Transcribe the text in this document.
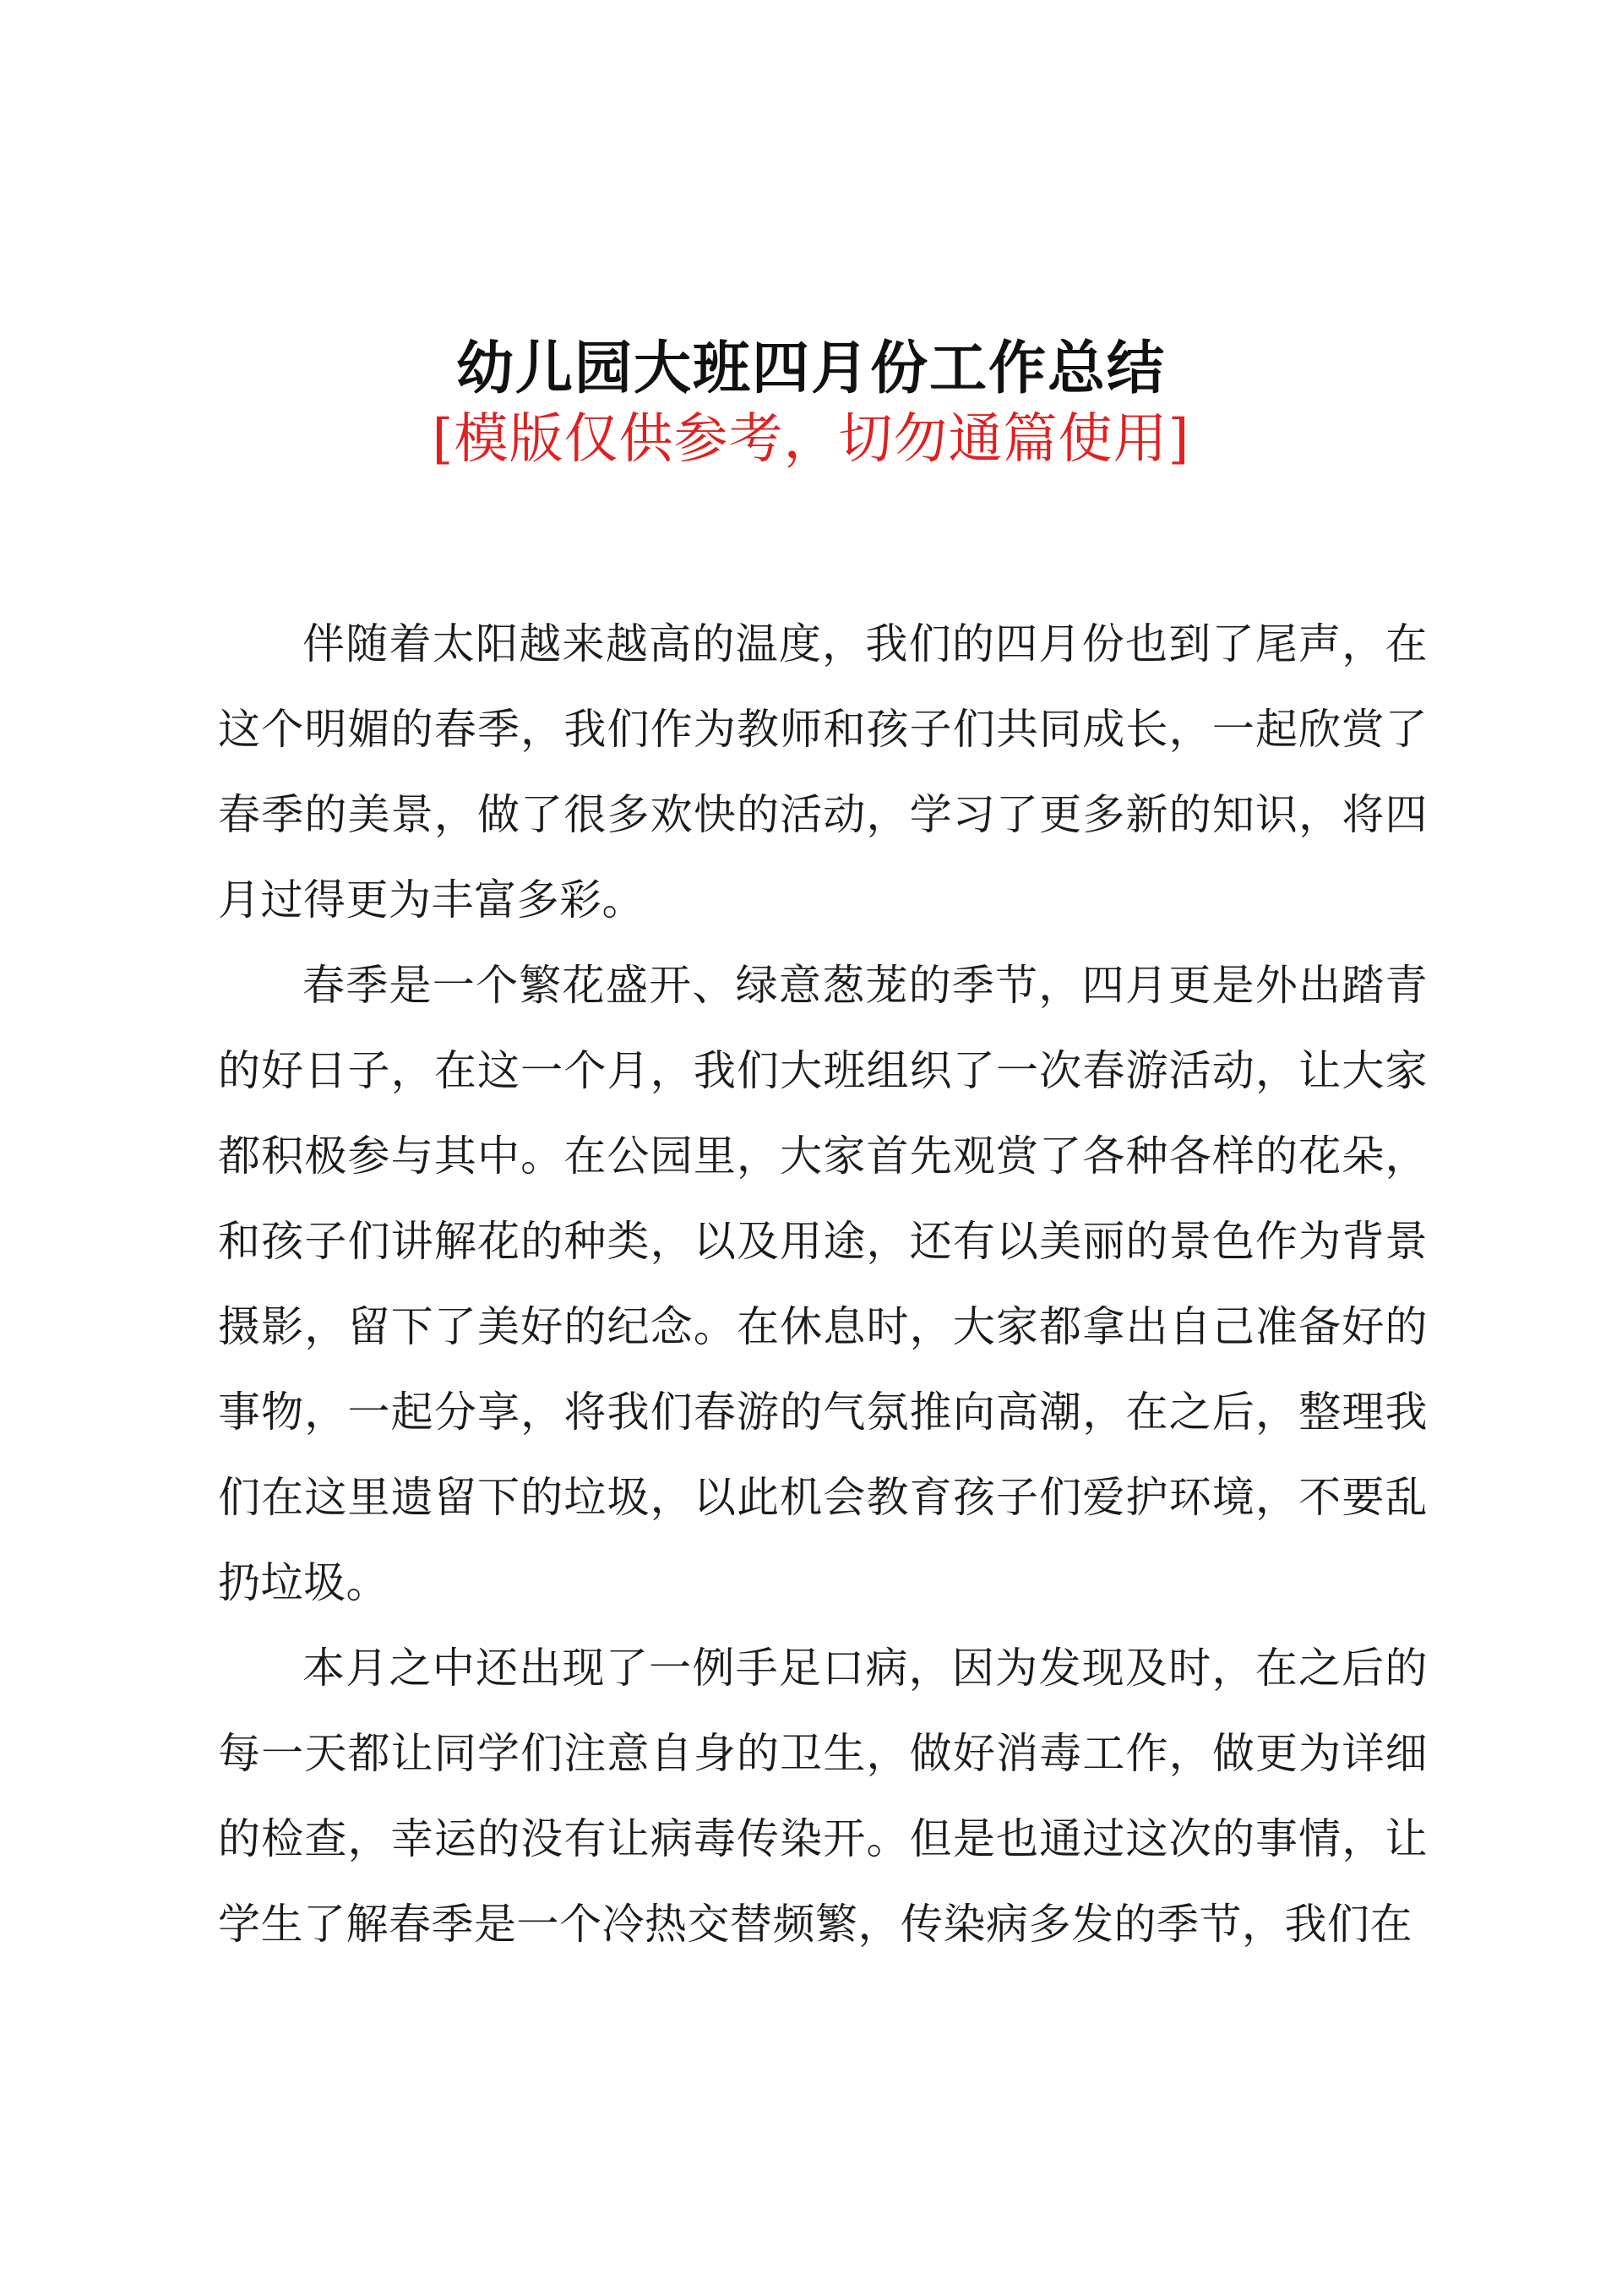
幼儿园大班四月份工作总结
[模版仅供参考，切勿通篇使用]

伴随着太阳越来越高的温度，我们的四月份也到了尾声，在这个明媚的春季，我们作为教师和孩子们共同成长，一起欣赏了春季的美景，做了很多欢快的活动，学习了更多新的知识，将四月过得更为丰富多彩。

春季是一个繁花盛开、绿意葱茏的季节，四月更是外出踏青的好日子，在这一个月，我们大班组织了一次春游活动，让大家都积极参与其中。在公园里，大家首先观赏了各种各样的花朵，和孩子们讲解花的种类，以及用途，还有以美丽的景色作为背景摄影，留下了美好的纪念。在休息时，大家都拿出自己准备好的事物，一起分享，将我们春游的气氛推向高潮，在之后，整理我们在这里遗留下的垃圾，以此机会教育孩子们爱护环境，不要乱扔垃圾。

本月之中还出现了一例手足口病，因为发现及时，在之后的每一天都让同学们注意自身的卫生，做好消毒工作，做更为详细的检查，幸运的没有让病毒传染开。但是也通过这次的事情，让学生了解春季是一个冷热交替频繁，传染病多发的季节，我们在
